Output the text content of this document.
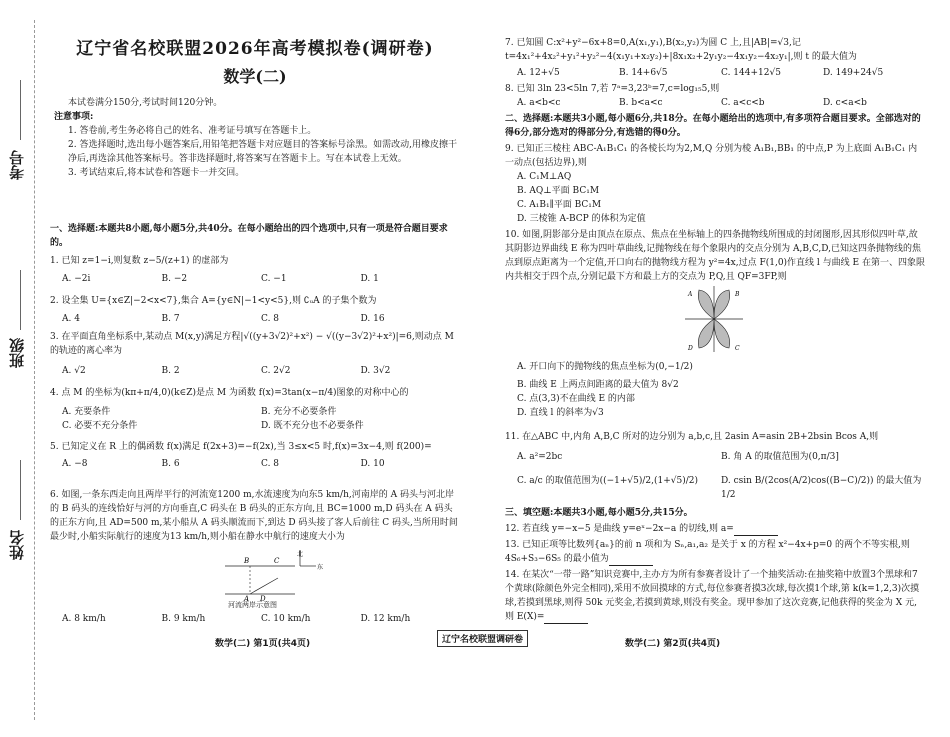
考号
班级
姓名
辽宁省名校联盟2026年高考模拟卷(调研卷)
数学(二)

本试卷满分150分,考试时间120分钟。

注意事项:

1. 答卷前,考生务必将自己的姓名、准考证号填写在答题卡上。

2. 答选择题时,选出每小题答案后,用铅笔把答题卡对应题目的答案标号涂黑。如需改动,用橡皮擦干净后,再选涂其他答案标号。答非选择题时,将答案写在答题卡上。写在本试卷上无效。

3. 考试结束后,将本试卷和答题卡一并交回。

一、选择题:本题共8小题,每小题5分,共40分。在每小题给出的四个选项中,只有一项是符合题目要求的。

1. 已知 z=1−i,则复数 z−5/(z+1) 的虚部为

A. −2i	B. −2	C. −1	D. 1

2. 设全集 U={x∈Z|−2<x<7},集合 A={y∈N|−1<y<5},则 ∁ᵤA 的子集个数为

A. 4	B. 7	C. 8	D. 16

3. 在平面直角坐标系中,某动点 M(x,y)满足方程|√((y+3√2)²+x²) − √((y−3√2)²+x²)|=6,则动点 M 的轨迹的离心率为

A. √2	B. 2	C. 2√2	D. 3√2

4. 点 M 的坐标为(kπ+π/4,0)(k∈Z)是点 M 为函数 f(x)=3tan(x−π/4)图象的对称中心的

A. 充要条件	B. 充分不必要条件
C. 必要不充分条件	D. 既不充分也不必要条件

5. 已知定义在 R 上的偶函数 f(x)满足 f(2x+3)=−f(2x),当 3≤x<5 时,f(x)=3x−4,则 f(200)=

A. −8	B. 6	C. 8	D. 10

6. 如图,一条东西走向且两岸平行的河流宽1200 m,水流速度为向东5 km/h,河南岸的 A 码头与河北岸的 B 码头的连线恰好与河的方向垂直,C 码头在 B 码头的正东方向,且 BC=1000 m,D 码头在 A 码头的正东方向,且 AD=500 m,某小船从 A 码头顺流而下,到达 D 码头接了客人后前往 C 码头,当所用时间最少时,小船实际航行的速度为13 km/h,则小船在静水中航行的速度大小为

B	C
A D
北
东
河流两岸示意图
A. 8 km/h	B. 9 km/h	C. 10 km/h	D. 12 km/h
数学(二) 第1页(共4页)	辽宁名校联盟调研卷

7. 已知圆 C:x²+y²−6x+8=0,A(x₁,y₁),B(x₂,y₂)为圆 C 上,且|AB|=√3,记 t=4x₁²+4x₂²+y₁²+y₂²−4(x₁y₁+x₂y₂)+|8x₁x₂+2y₁y₂−4x₁y₂−4x₂y₁|,则 t 的最大值为

A. 12+√5	B. 14+6√5	C. 144+12√5	D. 149+24√5

8. 已知 3ln 23<5ln 7,若 7ᵃ=3,23ᵇ=7,c=log₁₅5,则

A. a<b<c	B. b<a<c	C. a<c<b	D. c<a<b

二、选择题:本题共3小题,每小题6分,共18分。在每小题给出的选项中,有多项符合题目要求。全部选对的得6分,部分选对的得部分分,有选错的得0分。

9. 已知正三棱柱 ABC-A₁B₁C₁ 的各棱长均为2,M,Q 分别为棱 A₁B₁,BB₁ 的中点,P 为上底面 A₁B₁C₁ 内一动点(包括边界),则

A. C₁M⊥AQ

B. AQ⊥平面 BC₁M

C. A₁B₁∥平面 BC₁M

D. 三棱锥 A-BCP 的体积为定值

10. 如图,阴影部分是由顶点在原点、焦点在坐标轴上的四条抛物线所围成的封闭图形,因其形似四叶草,故其阴影边界曲线 E 称为四叶草曲线,记抛物线在每个象限内的交点分别为 A,B,C,D,已知这四条抛物线的焦点到原点距离为一个定值,开口向右的抛物线方程为 y²=4x,过点 F(1,0)作直线 l 与曲线 E 在第一、四象限内共相交于四个点,分别记最下方和最上方的交点为 P,Q,且 QF=3FP,则

A	B
C
D

A. 开口向下的抛物线的焦点坐标为(0,−1/2)

B. 曲线 E 上两点间距离的最大值为 8√2

C. 点(3,3)不在曲线 E 的内部

D. 直线 l 的斜率为√3

11. 在△ABC 中,内角 A,B,C 所对的边分别为 a,b,c,且 2asin A=asin 2B+2bsin Bcos A,则

A. a²=2bc	B. 角 A 的取值范围为(0,π/3]
C. a/c 的取值范围为((−1+√5)/2,(1+√5)/2)	D. csin B/(2cos(A/2)cos((B−C)/2)) 的最大值为 1/2

三、填空题:本题共3小题,每小题5分,共15分。

12. 若直线 y=−x−5 是曲线 y=eˣ−2x−a 的切线,则 a=

13. 已知正项等比数列{aₙ}的前 n 项和为 Sₙ,a₁,a₂ 是关于 x 的方程 x²−4x+p=0 的两个不等实根,则 4S₆+S₃−6S₅ 的最小值为

14. 在某次“一带一路”知识竞赛中,主办方为所有参赛者设计了一个抽奖活动:在抽奖箱中放置3个黑球和7个黄球(除颜色外完全相同),采用不放回摸球的方式,每位参赛者摸3次球,每次摸1个球,第 k(k=1,2,3)次摸球,若摸到黑球,则得 50k 元奖金,若摸到黄球,则没有奖金。现甲参加了这次竞赛,记他获得的奖金为 X 元,则 E(X)=

数学(二) 第2页(共4页)
